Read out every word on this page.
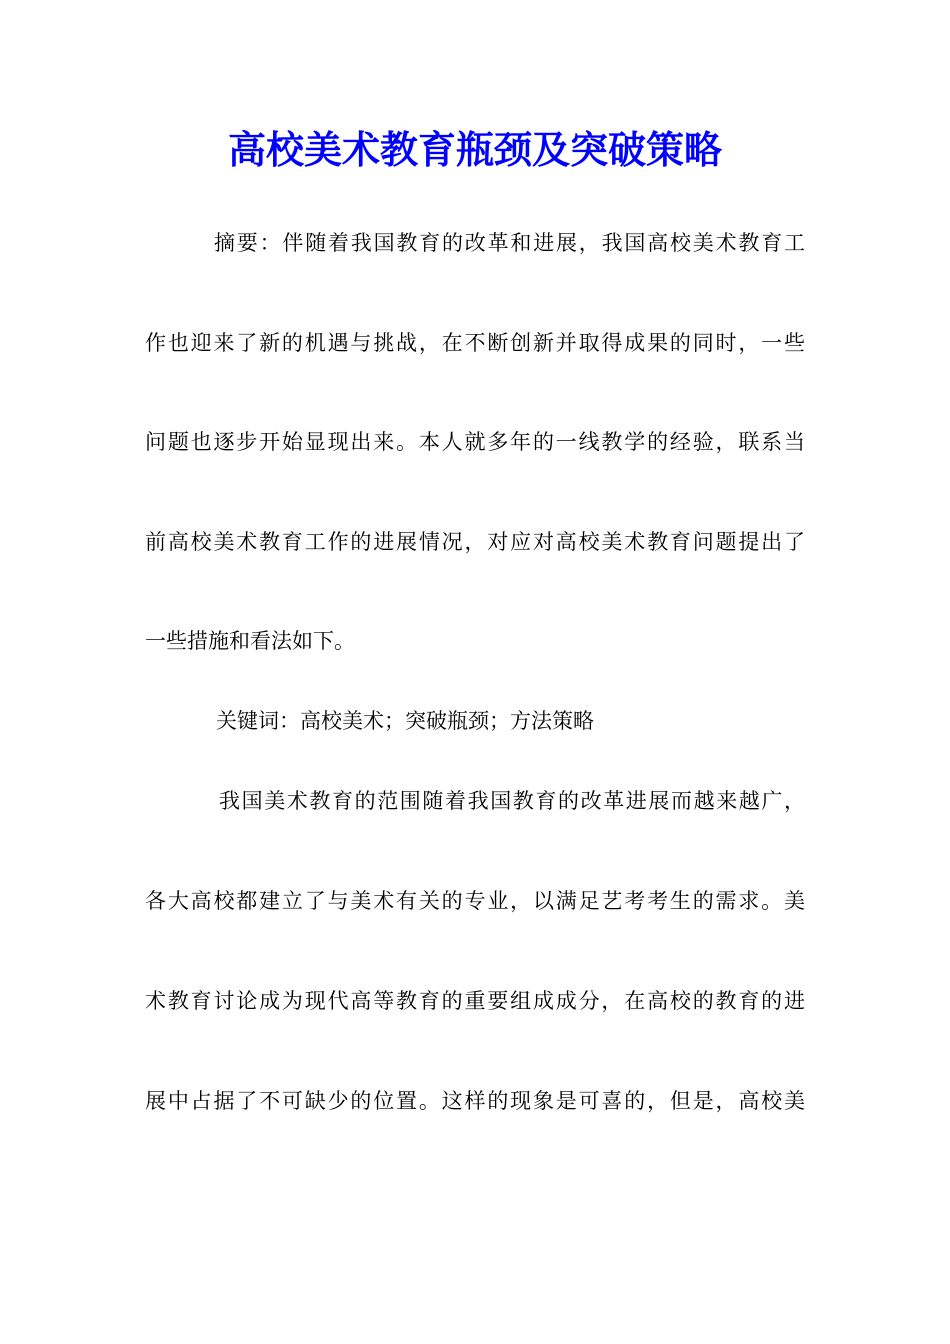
高校美术教育瓶颈及突破策略
摘要：伴随着我国教育的改革和进展，我国高校美术教育工
作也迎来了新的机遇与挑战，在不断创新并取得成果的同时，一些
问题也逐步开始显现出来。本人就多年的一线教学的经验，联系当
前高校美术教育工作的进展情况，对应对高校美术教育问题提出了
一些措施和看法如下。
关键词：高校美术；突破瓶颈；方法策略
我国美术教育的范围随着我国教育的改革进展而越来越广，
各大高校都建立了与美术有关的专业，以满足艺考考生的需求。美
术教育讨论成为现代高等教育的重要组成成分，在高校的教育的进
展中占据了不可缺少的位置。这样的现象是可喜的，但是，高校美
